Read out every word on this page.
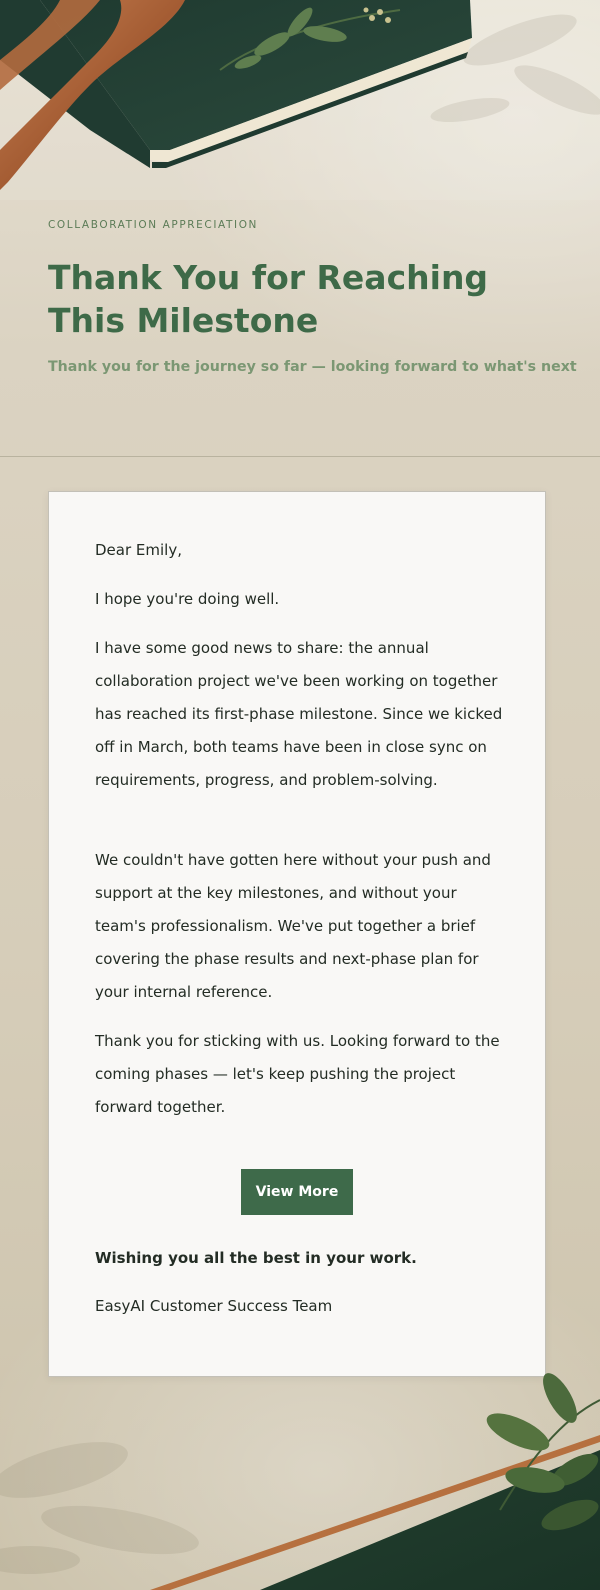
COLLABORATION APPRECIATION
Thank You for Reaching This Milestone
Thank you for the journey so far — looking forward to what's next

Dear Emily,

I hope you're doing well.

I have some good news to share: the annual collaboration project we've been working on together has reached its first-phase milestone. Since we kicked off in March, both teams have been in close sync on requirements, progress, and problem-solving.

We couldn't have gotten here without your push and support at the key milestones, and without your team's professionalism. We've put together a brief covering the phase results and next-phase plan for your internal reference.

Thank you for sticking with us. Looking forward to the coming phases — let's keep pushing the project forward together.

View More

Wishing you all the best in your work.

EasyAI Customer Success Team
